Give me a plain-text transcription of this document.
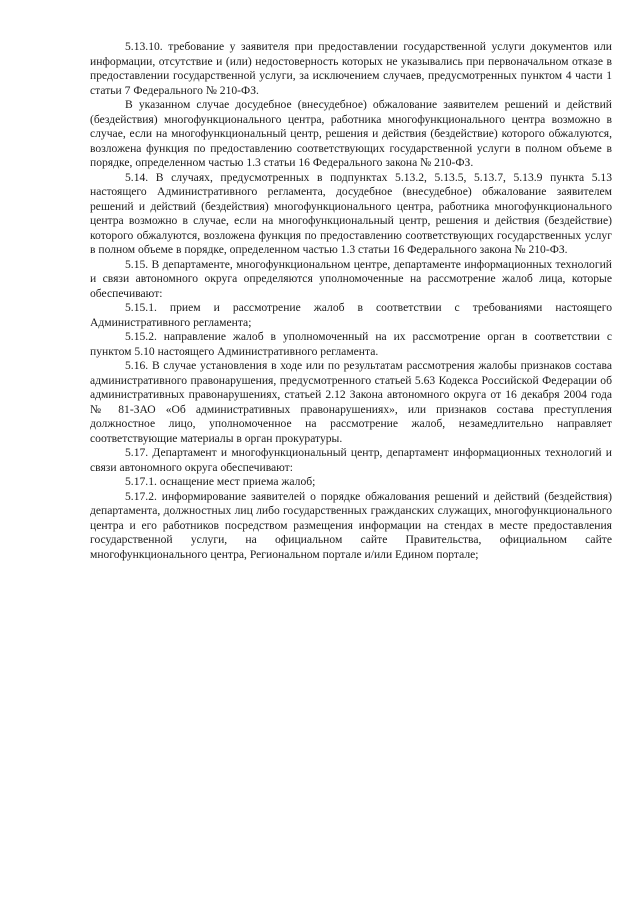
5.13.10. требование у заявителя при предоставлении государственной услуги документов или информации, отсутствие и (или) недостоверность которых не указывались при первоначальном отказе в предоставлении государственной услуги, за исключением случаев, предусмотренных пунктом 4 части 1 статьи 7 Федерального № 210-ФЗ.

В указанном случае досудебное (внесудебное) обжалование заявителем решений и действий (бездействия) многофункционального центра, работника многофункционального центра возможно в случае, если на многофункциональный центр, решения и действия (бездействие) которого обжалуются, возложена функция по предоставлению соответствующих государственной услуги в полном объеме в порядке, определенном частью 1.3 статьи 16 Федерального закона № 210-ФЗ.

5.14. В случаях, предусмотренных в подпунктах 5.13.2, 5.13.5, 5.13.7, 5.13.9 пункта 5.13 настоящего Административного регламента, досудебное (внесудебное) обжалование заявителем решений и действий (бездействия) многофункционального центра, работника многофункционального центра возможно в случае, если на многофункциональный центр, решения и действия (бездействие) которого обжалуются, возложена функция по предоставлению соответствующих государственных услуг в полном объеме в порядке, определенном частью 1.3 статьи 16 Федерального закона № 210-ФЗ.

5.15. В департаменте, многофункциональном центре, департаменте информационных технологий и связи автономного округа определяются уполномоченные на рассмотрение жалоб лица, которые обеспечивают:

5.15.1. прием и рассмотрение жалоб в соответствии с требованиями настоящего Административного регламента;

5.15.2. направление жалоб в уполномоченный на их рассмотрение орган в соответствии с пунктом 5.10 настоящего Административного регламента.

5.16. В случае установления в ходе или по результатам рассмотрения жалобы признаков состава административного правонарушения, предусмотренного статьей 5.63 Кодекса Российской Федерации об административных правонарушениях, статьей 2.12 Закона автономного округа от 16 декабря 2004 года № 81-ЗАО «Об административных правонарушениях», или признаков состава преступления должностное лицо, уполномоченное на рассмотрение жалоб, незамедлительно направляет соответствующие материалы в орган прокуратуры.

5.17. Департамент и многофункциональный центр, департамент информационных технологий и связи автономного округа обеспечивают:

5.17.1. оснащение мест приема жалоб;

5.17.2. информирование заявителей о порядке обжалования решений и действий (бездействия) департамента, должностных лиц либо государственных гражданских служащих, многофункционального центра и его работников посредством размещения информации на стендах в месте предоставления государственной услуги, на официальном сайте Правительства, официальном сайте многофункционального центра, Региональном портале и/или Едином портале;
